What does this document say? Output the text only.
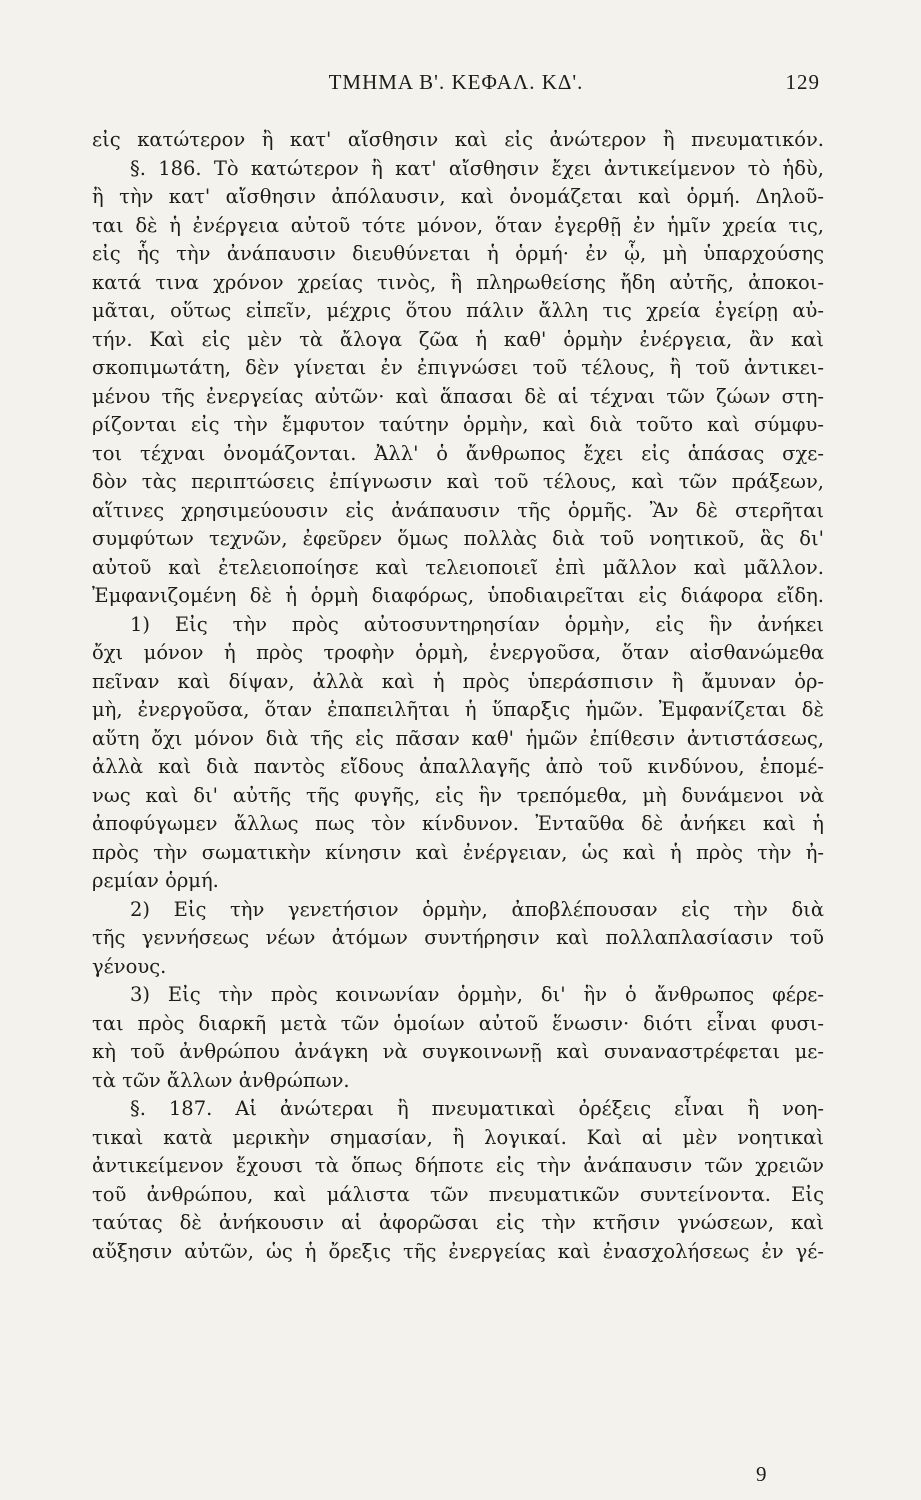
ΤΜΗΜΑ Β'. ΚΕΦΑΛ. ΚΔ'.	129
εἰς κατώτερον ἢ κατ' αἴσθησιν καὶ εἰς ἀνώτερον ἢ πνευματικόν.
§. 186. Τὸ κατώτερον ἢ κατ' αἴσθησιν ἔχει ἀντικείμενον τὸ ἡδὺ,
ἢ τὴν κατ' αἴσθησιν ἀπόλαυσιν, καὶ ὀνομάζεται καὶ ὁρμή. Δηλοῦ-
ται δὲ ἡ ἐνέργεια αὐτοῦ τότε μόνον, ὅταν ἐγερθῇ ἐν ἡμῖν χρεία τις,
εἰς ἧς τὴν ἀνάπαυσιν διευθύνεται ἡ ὁρμή· ἐν ᾧ, μὴ ὑπαρχούσης
κατά τινα χρόνον χρείας τινὸς, ἢ πληρωθείσης ἤδη αὐτῆς, ἀποκοι-
μᾶται, οὕτως εἰπεῖν, μέχρις ὅτου πάλιν ἄλλη τις χρεία ἐγείρῃ αὐ-
τήν. Καὶ εἰς μὲν τὰ ἄλογα ζῶα ἡ καθ' ὁρμὴν ἐνέργεια, ἂν καὶ
σκοπιμωτάτη, δὲν γίνεται ἐν ἐπιγνώσει τοῦ τέλους, ἢ τοῦ ἀντικει-
μένου τῆς ἐνεργείας αὐτῶν· καὶ ἅπασαι δὲ αἱ τέχναι τῶν ζώων στη-
ρίζονται εἰς τὴν ἔμφυτον ταύτην ὁρμὴν, καὶ διὰ τοῦτο καὶ σύμφυ-
τοι τέχναι ὀνομάζονται. Ἀλλ' ὁ ἄνθρωπος ἔχει εἰς ἁπάσας σχε-
δὸν τὰς περιπτώσεις ἐπίγνωσιν καὶ τοῦ τέλους, καὶ τῶν πράξεων,
αἵτινες χρησιμεύουσιν εἰς ἀνάπαυσιν τῆς ὁρμῆς. Ἂν δὲ στερῆται
συμφύτων τεχνῶν, ἐφεῦρεν ὅμως πολλὰς διὰ τοῦ νοητικοῦ, ἃς δι'
αὐτοῦ καὶ ἐτελειοποίησε καὶ τελειοποιεῖ ἐπὶ μᾶλλον καὶ μᾶλλον.
Ἐμφανιζομένη δὲ ἡ ὁρμὴ διαφόρως, ὑποδιαιρεῖται εἰς διάφορα εἴδη.
1) Εἰς τὴν πρὸς αὐτοσυντηρησίαν ὁρμὴν, εἰς ἣν ἀνήκει
ὄχι μόνον ἡ πρὸς τροφὴν ὁρμὴ, ἐνεργοῦσα, ὅταν αἰσθανώμεθα
πεῖναν καὶ δίψαν, ἀλλὰ καὶ ἡ πρὸς ὑπεράσπισιν ἢ ἄμυναν ὁρ-
μὴ, ἐνεργοῦσα, ὅταν ἐπαπειλῆται ἡ ὕπαρξις ἡμῶν. Ἐμφανίζεται δὲ
αὕτη ὄχι μόνον διὰ τῆς εἰς πᾶσαν καθ' ἡμῶν ἐπίθεσιν ἀντιστάσεως,
ἀλλὰ καὶ διὰ παντὸς εἴδους ἀπαλλαγῆς ἀπὸ τοῦ κινδύνου, ἑπομέ-
νως καὶ δι' αὐτῆς τῆς φυγῆς, εἰς ἣν τρεπόμεθα, μὴ δυνάμενοι νὰ
ἀποφύγωμεν ἄλλως πως τὸν κίνδυνον. Ἐνταῦθα δὲ ἀνήκει καὶ ἡ
πρὸς τὴν σωματικὴν κίνησιν καὶ ἐνέργειαν, ὡς καὶ ἡ πρὸς τὴν ἠ-
ρεμίαν ὁρμή.
2) Εἰς τὴν γενετήσιον ὁρμὴν, ἀποβλέπουσαν εἰς τὴν διὰ
τῆς γεννήσεως νέων ἀτόμων συντήρησιν καὶ πολλαπλασίασιν τοῦ
γένους.
3) Εἰς τὴν πρὸς κοινωνίαν ὁρμὴν, δι' ἣν ὁ ἄνθρωπος φέρε-
ται πρὸς διαρκῆ μετὰ τῶν ὁμοίων αὐτοῦ ἕνωσιν· διότι εἶναι φυσι-
κὴ τοῦ ἀνθρώπου ἀνάγκη νὰ συγκοινωνῇ καὶ συναναστρέφεται με-
τὰ τῶν ἄλλων ἀνθρώπων.
§. 187. Αἱ ἀνώτεραι ἢ πνευματικαὶ ὀρέξεις εἶναι ἢ νοη-
τικαὶ κατὰ μερικὴν σημασίαν, ἢ λογικαί. Καὶ αἱ μὲν νοητικαὶ
ἀντικείμενον ἔχουσι τὰ ὅπως δήποτε εἰς τὴν ἀνάπαυσιν τῶν χρειῶν
τοῦ ἀνθρώπου, καὶ μάλιστα τῶν πνευματικῶν συντείνοντα. Εἰς
ταύτας δὲ ἀνήκουσιν αἱ ἀφορῶσαι εἰς τὴν κτῆσιν γνώσεων, καὶ
αὔξησιν αὐτῶν, ὡς ἡ ὄρεξις τῆς ἐνεργείας καὶ ἐνασχολήσεως ἐν γέ-
9
